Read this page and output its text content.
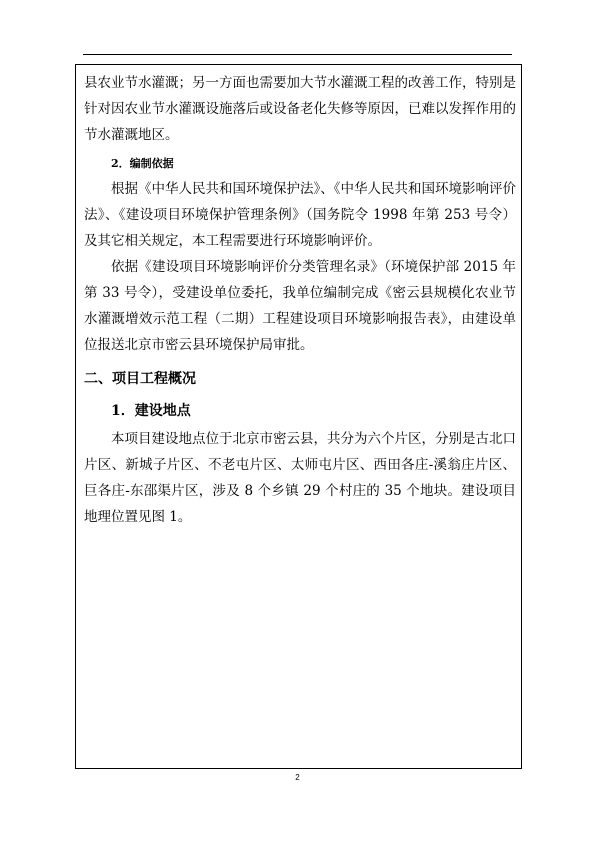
县农业节水灌溉；另一方面也需要加大节水灌溉工程的改善工作，特别是针对因农业节水灌溉设施落后或设备老化失修等原因，已难以发挥作用的节水灌溉地区。

2．编制依据

根据《中华人民共和国环境保护法》、《中华人民共和国环境影响评价法》、《建设项目环境保护管理条例》（国务院令 1998 年第 253 号令）及其它相关规定，本工程需要进行环境影响评价。

依据《建设项目环境影响评价分类管理名录》（环境保护部 2015 年第 33 号令），受建设单位委托，我单位编制完成《密云县规模化农业节水灌溉增效示范工程（二期）工程建设项目环境影响报告表》，由建设单位报送北京市密云县环境保护局审批。

二、项目工程概况
1．建设地点

本项目建设地点位于北京市密云县，共分为六个片区，分别是古北口片区、新城子片区、不老屯片区、太师屯片区、西田各庄-溪翁庄片区、巨各庄-东邵渠片区，涉及 8 个乡镇 29 个村庄的 35 个地块。建设项目地理位置见图 1。

2
